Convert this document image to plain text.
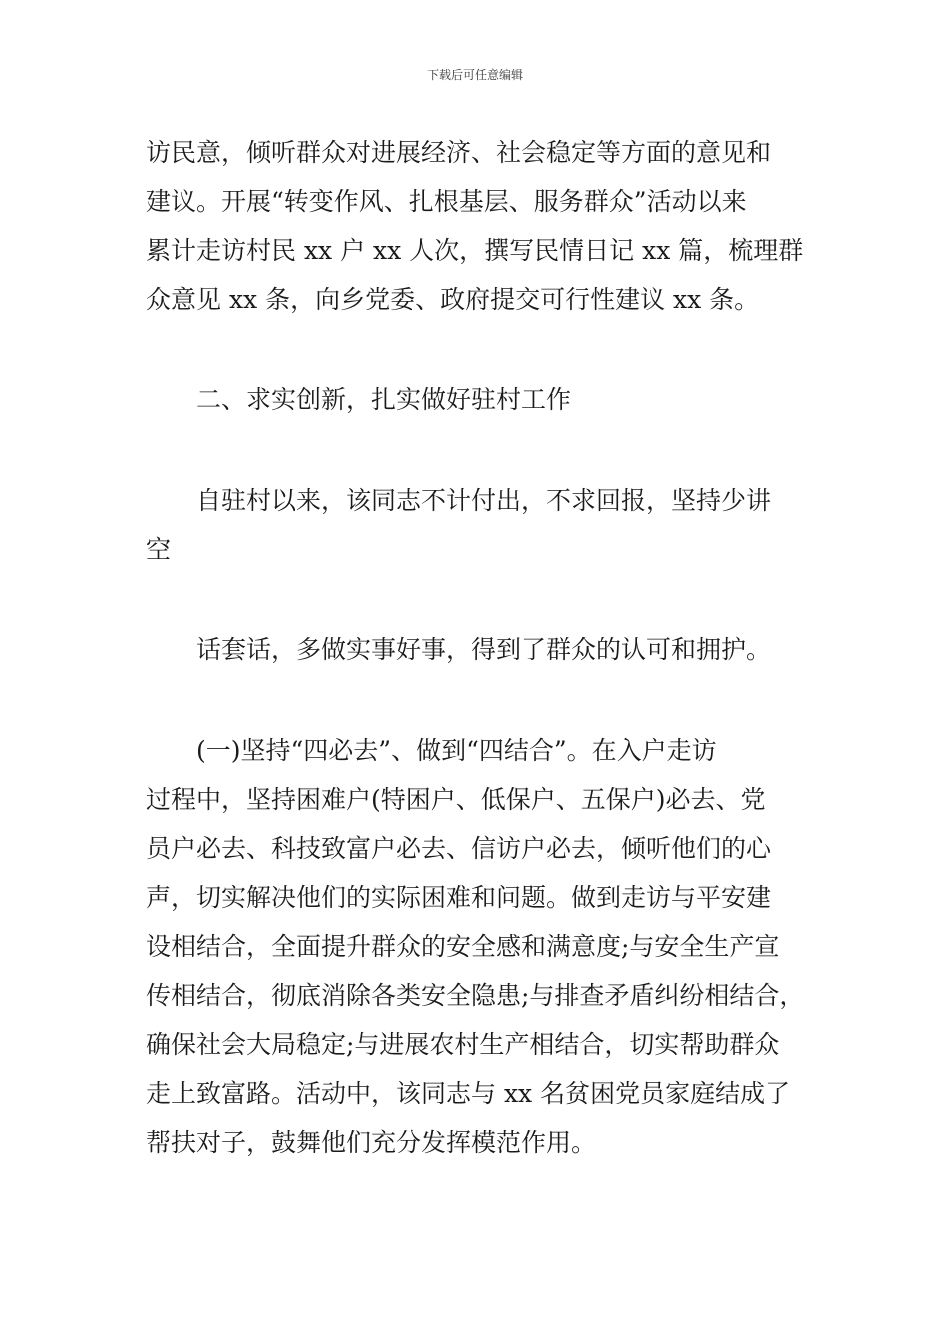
下载后可任意编辑

访民意，倾听群众对进展经济、社会稳定等方面的意见和

建议。开展“转变作风、扎根基层、服务群众”活动以来

累计走访村民 xx 户 xx 人次，撰写民情日记 xx 篇，梳理群

众意见 xx 条，向乡党委、政府提交可行性建议 xx 条。

二、求实创新，扎实做好驻村工作

自驻村以来，该同志不计付出，不求回报，坚持少讲

空

话套话，多做实事好事，得到了群众的认可和拥护。

(一)坚持“四必去”、做到“四结合”。在入户走访

过程中，坚持困难户(特困户、低保户、五保户)必去、党

员户必去、科技致富户必去、信访户必去，倾听他们的心

声，切实解决他们的实际困难和问题。做到走访与平安建

设相结合，全面提升群众的安全感和满意度;与安全生产宣

传相结合，彻底消除各类安全隐患;与排查矛盾纠纷相结合，

确保社会大局稳定;与进展农村生产相结合，切实帮助群众

走上致富路。活动中，该同志与 xx 名贫困党员家庭结成了

帮扶对子，鼓舞他们充分发挥模范作用。
